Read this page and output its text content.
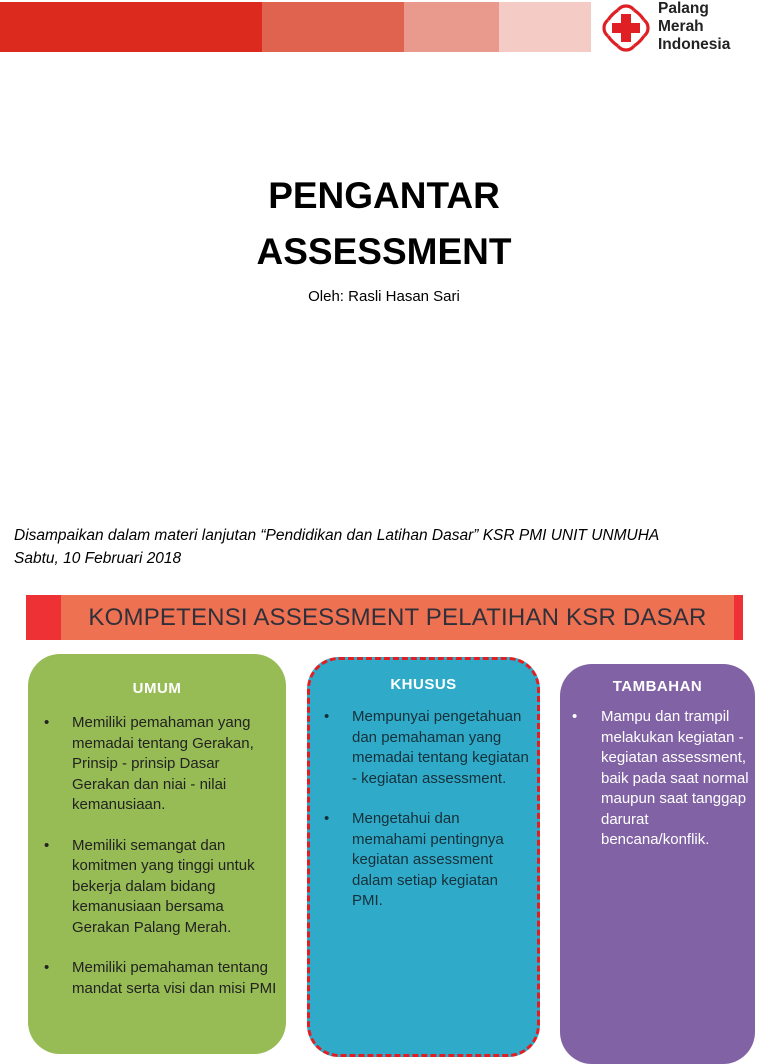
Palang
Merah
Indonesia
PENGANTAR
ASSESSMENT
Oleh: Rasli Hasan Sari
Disampaikan dalam materi lanjutan “Pendidikan dan Latihan Dasar” KSR PMI UNIT UNMUHA
Sabtu, 10 Februari 2018
KOMPETENSI ASSESSMENT PELATIHAN KSR DASAR
UMUM
• Memiliki pemahaman yang memadai tentang Gerakan, Prinsip - prinsip Dasar Gerakan dan niai - nilai kemanusiaan.
• Memiliki semangat dan komitmen yang tinggi untuk bekerja dalam bidang kemanusiaan bersama Gerakan Palang Merah.
• Memiliki pemahaman tentang mandat serta visi dan misi PMI
KHUSUS
• Mempunyai pengetahuan dan pemahaman yang memadai tentang kegiatan - kegiatan assessment.
• Mengetahui dan memahami pentingnya kegiatan assessment dalam setiap kegiatan PMI.
TAMBAHAN
• Mampu dan trampil melakukan kegiatan - kegiatan assessment, baik pada saat normal maupun saat tanggap darurat bencana/konflik.
